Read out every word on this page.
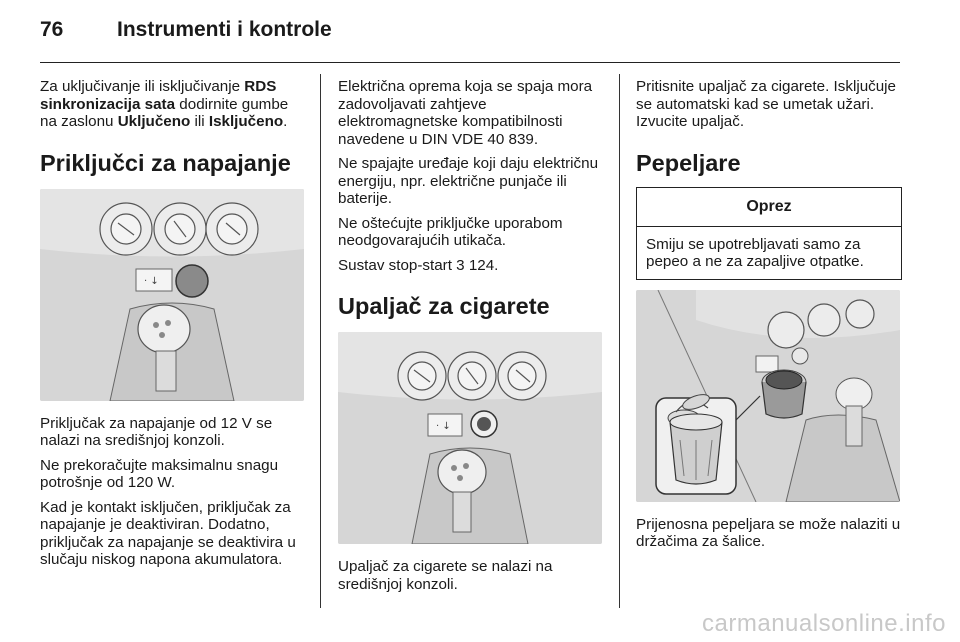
76	Instrumenti i kontrole

Za uključivanje ili isključivanje RDS sinkronizacija sata dodirnite gumbe na zaslonu Uključeno ili Isključeno.

Priključci za napajanje
· ↓

Priključak za napajanje od 12 V se nalazi na središnjoj konzoli.

Ne prekoračujte maksimalnu snagu potrošnje od 120 W.

Kad je kontakt isključen, priključak za napajanje je deaktiviran. Dodatno, priključak za napajanje se deaktivira u slučaju niskog napona akumulatora.

Električna oprema koja se spaja mora zadovoljavati zahtjeve elektromagnetske kompatibilnosti navedene u DIN VDE 40 839.

Ne spajajte uređaje koji daju električnu energiju, npr. električne punjače ili baterije.

Ne oštećujte priključke uporabom neodgovarajućih utikača.

Sustav stop-start 3 124.

Upaljač za cigarete
· ↓

Upaljač za cigarete se nalazi na središnjoj konzoli.

Pritisnite upaljač za cigarete. Isključuje se automatski kad se umetak užari. Izvucite upaljač.

Pepeljare
Oprez
Smiju se upotrebljavati samo za pepeo a ne za zapaljive otpatke.

Prijenosna pepeljara se može nalaziti u držačima za šalice.

carmanualsonline.info
